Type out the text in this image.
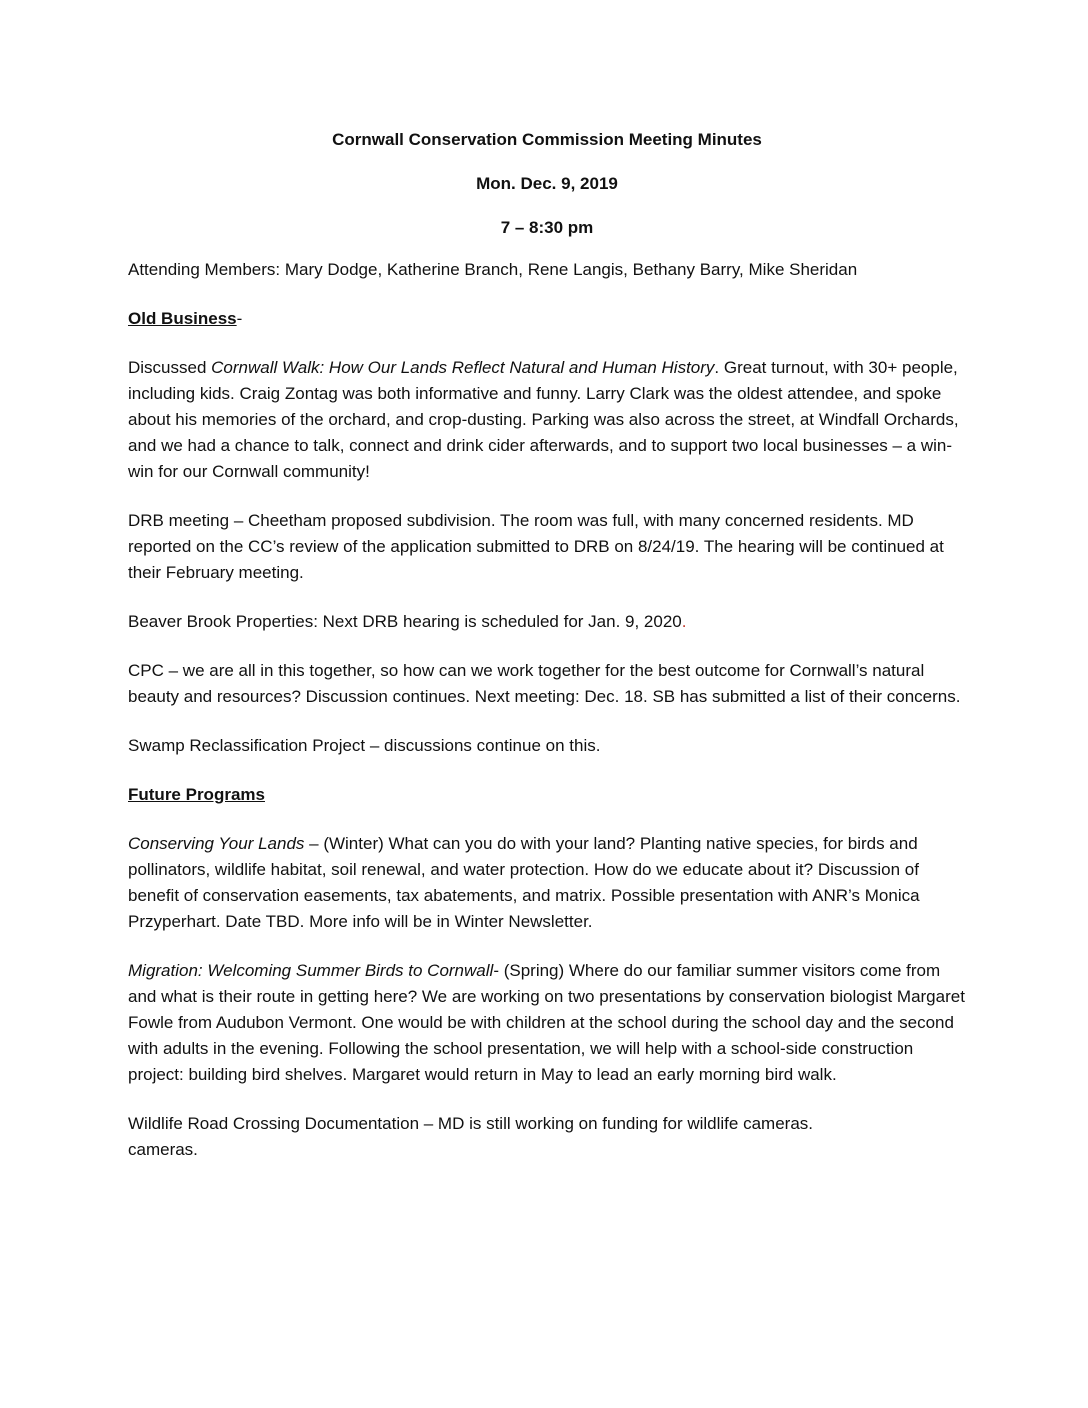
Cornwall Conservation Commission Meeting Minutes

Mon. Dec. 9, 2019

7 – 8:30 pm

Attending Members: Mary Dodge, Katherine Branch, Rene Langis, Bethany Barry, Mike Sheridan

Old Business-

Discussed Cornwall Walk: How Our Lands Reflect Natural and Human History. Great turnout, with 30+ people, including kids. Craig Zontag was both informative and funny. Larry Clark was the oldest attendee, and spoke about his memories of the orchard, and crop-dusting. Parking was also across the street, at Windfall Orchards, and we had a chance to talk, connect and drink cider afterwards, and to support two local businesses – a win-win for our Cornwall community!

DRB meeting – Cheetham proposed subdivision. The room was full, with many concerned residents. MD reported on the CC’s review of the application submitted to DRB on 8/24/19. The hearing will be continued at their February meeting.

Beaver Brook Properties: Next DRB hearing is scheduled for Jan. 9, 2020.

CPC – we are all in this together, so how can we work together for the best outcome for Cornwall’s natural beauty and resources? Discussion continues. Next meeting: Dec. 18. SB has submitted a list of their concerns.

Swamp Reclassification Project – discussions continue on this.

Future Programs

Conserving Your Lands – (Winter) What can you do with your land? Planting native species, for birds and pollinators, wildlife habitat, soil renewal, and water protection. How do we educate about it? Discussion of benefit of conservation easements, tax abatements, and matrix. Possible presentation with ANR’s Monica Przyperhart. Date TBD. More info will be in Winter Newsletter.

Migration: Welcoming Summer Birds to Cornwall- (Spring) Where do our familiar summer visitors come from and what is their route in getting here? We are working on two presentations by conservation biologist Margaret Fowle from Audubon Vermont. One would be with children at the school during the school day and the second with adults in the evening. Following the school presentation, we will help with a school-side construction project: building bird shelves. Margaret would return in May to lead an early morning bird walk.

Wildlife Road Crossing Documentation – MD is still working on funding for wildlife cameras.
cameras.
